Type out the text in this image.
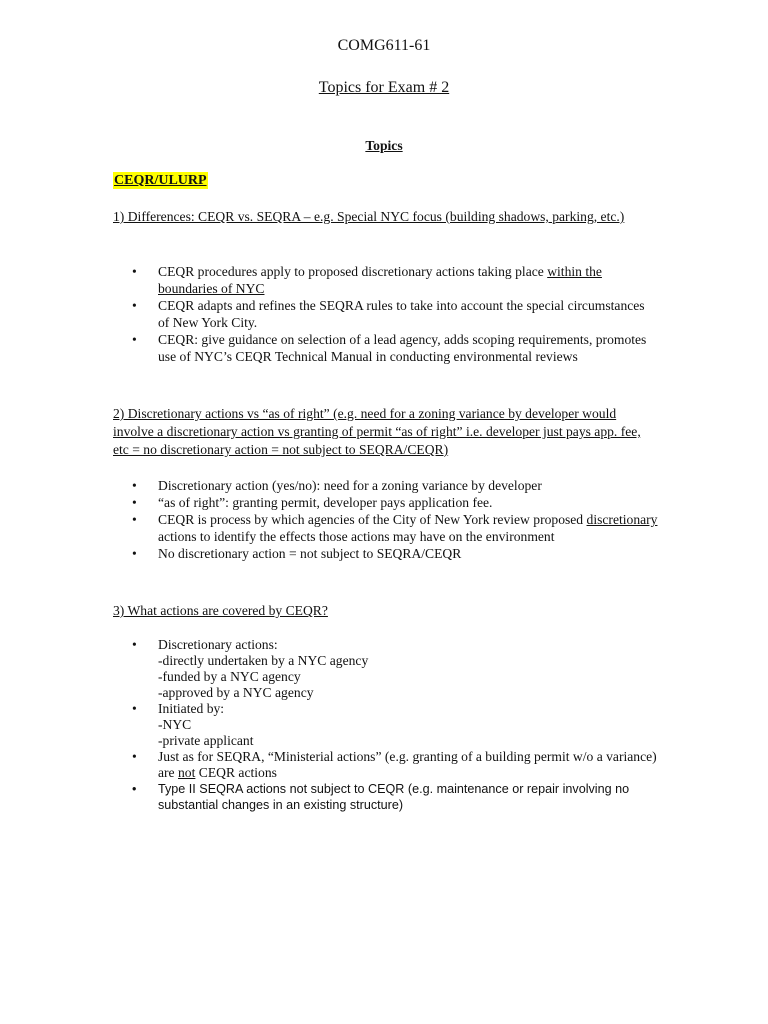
COMG611-61
Topics for Exam # 2
Topics
CEQR/ULURP
1) Differences: CEQR vs. SEQRA – e.g. Special NYC focus (building shadows, parking, etc.)
• CEQR procedures apply to proposed discretionary actions taking place within the boundaries of NYC
• CEQR adapts and refines the SEQRA rules to take into account the special circumstances of New York City.
• CEQR: give guidance on selection of a lead agency, adds scoping requirements, promotes use of NYC’s CEQR Technical Manual in conducting environmental reviews
2) Discretionary actions vs “as of right” (e.g. need for a zoning variance by developer would involve a discretionary action vs granting of permit “as of right” i.e. developer just pays app. fee, etc = no discretionary action = not subject to SEQRA/CEQR)
• Discretionary action (yes/no): need for a zoning variance by developer
• “as of right”: granting permit, developer pays application fee.
• CEQR is process by which agencies of the City of New York review proposed discretionary actions to identify the effects those actions may have on the environment
• No discretionary action = not subject to SEQRA/CEQR
3) What actions are covered by CEQR?
• Discretionary actions:
-directly undertaken by a NYC agency
-funded by a NYC agency
-approved by a NYC agency
• Initiated by:
-NYC
-private applicant
• Just as for SEQRA, “Ministerial actions” (e.g. granting of a building permit w/o a variance) are not CEQR actions
• Type II SEQRA actions not subject to CEQR (e.g. maintenance or repair involving no substantial changes in an existing structure)
